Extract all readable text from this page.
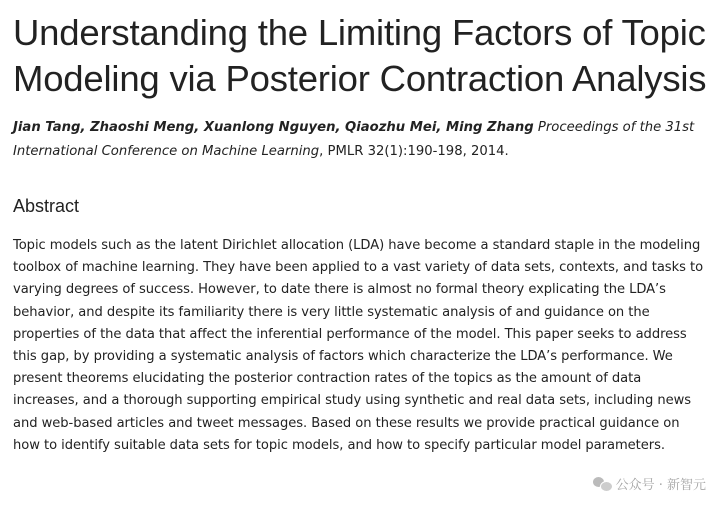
Understanding the Limiting Factors of Topic Modeling via Posterior Contraction Analysis
Jian Tang, Zhaoshi Meng, Xuanlong Nguyen, Qiaozhu Mei, Ming Zhang Proceedings of the 31st International Conference on Machine Learning, PMLR 32(1):190-198, 2014.
Abstract

Topic models such as the latent Dirichlet allocation (LDA) have become a standard staple in the modeling toolbox of machine learning. They have been applied to a vast variety of data sets, contexts, and tasks to varying degrees of success. However, to date there is almost no formal theory explicating the LDA’s behavior, and despite its familiarity there is very little systematic analysis of and guidance on the properties of the data that affect the inferential performance of the model. This paper seeks to address this gap, by providing a systematic analysis of factors which characterize the LDA’s performance. We present theorems elucidating the posterior contraction rates of the topics as the amount of data increases, and a thorough supporting empirical study using synthetic and real data sets, including news and web-based articles and tweet messages. Based on these results we provide practical guidance on how to identify suitable data sets for topic models, and how to specify particular model parameters.

公众号 · 新智元
